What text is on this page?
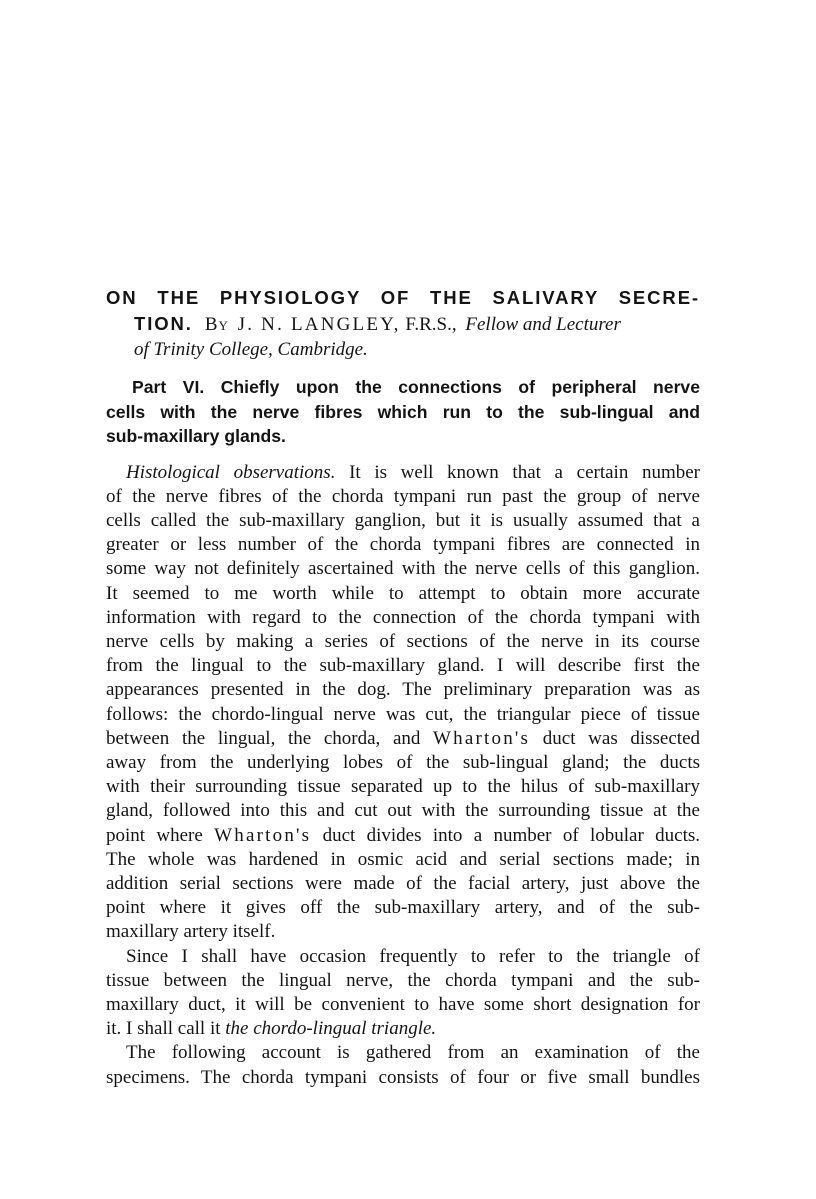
ON THE PHYSIOLOGY OF THE SALIVARY SECRE-
TION. By J. N. LANGLEY, F.R.S., Fellow and Lecturer
of Trinity College, Cambridge.
Part VI. Chiefly upon the connections of peripheral nerve
cells with the nerve fibres which run to the sub-lingual and
sub-maxillary glands.
Histological observations. It is well known that a certain number
of the nerve fibres of the chorda tympani run past the group of nerve
cells called the sub-maxillary ganglion, but it is usually assumed that a
greater or less number of the chorda tympani fibres are connected in
some way not definitely ascertained with the nerve cells of this ganglion.
It seemed to me worth while to attempt to obtain more accurate
information with regard to the connection of the chorda tympani with
nerve cells by making a series of sections of the nerve in its course
from the lingual to the sub-maxillary gland. I will describe first the
appearances presented in the dog. The preliminary preparation was as
follows: the chordo-lingual nerve was cut, the triangular piece of tissue
between the lingual, the chorda, and Wharton's duct was dissected
away from the underlying lobes of the sub-lingual gland; the ducts
with their surrounding tissue separated up to the hilus of sub-maxillary
gland, followed into this and cut out with the surrounding tissue at the
point where Wharton's duct divides into a number of lobular ducts.
The whole was hardened in osmic acid and serial sections made; in
addition serial sections were made of the facial artery, just above the
point where it gives off the sub-maxillary artery, and of the sub-
maxillary artery itself.
Since I shall have occasion frequently to refer to the triangle of
tissue between the lingual nerve, the chorda tympani and the sub-
maxillary duct, it will be convenient to have some short designation for
it. I shall call it the chordo-lingual triangle.
The following account is gathered from an examination of the
specimens. The chorda tympani consists of four or five small bundles
